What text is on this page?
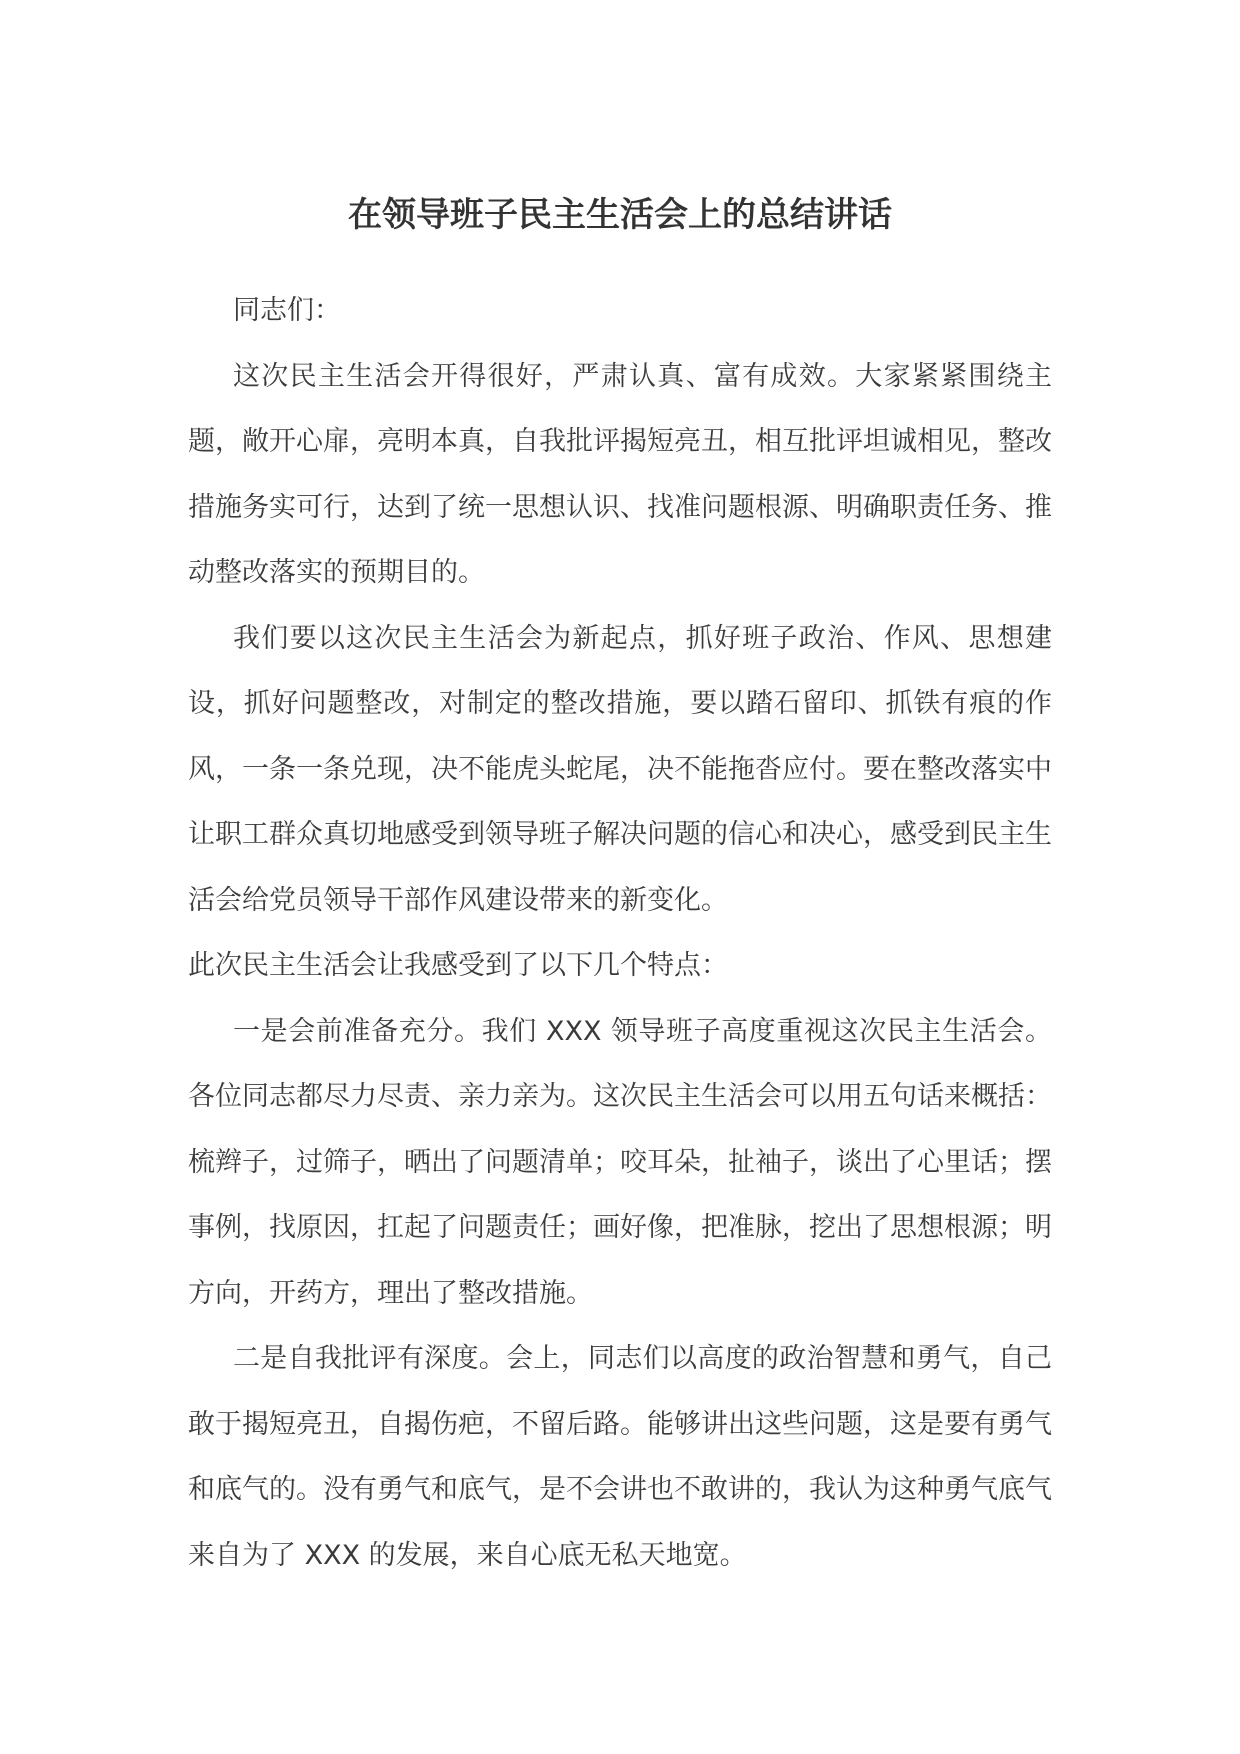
在领导班子民主生活会上的总结讲话

同志们：

这次民主生活会开得很好，严肃认真、富有成效。大家紧紧围绕主题，敞开心扉，亮明本真，自我批评揭短亮丑，相互批评坦诚相见，整改措施务实可行，达到了统一思想认识、找准问题根源、明确职责任务、推动整改落实的预期目的。

我们要以这次民主生活会为新起点，抓好班子政治、作风、思想建设，抓好问题整改，对制定的整改措施，要以踏石留印、抓铁有痕的作风，一条一条兑现，决不能虎头蛇尾，决不能拖沓应付。要在整改落实中让职工群众真切地感受到领导班子解决问题的信心和决心，感受到民主生活会给党员领导干部作风建设带来的新变化。

此次民主生活会让我感受到了以下几个特点：

一是会前准备充分。我们 XXX 领导班子高度重视这次民主生活会。各位同志都尽力尽责、亲力亲为。这次民主生活会可以用五句话来概括：梳辫子，过筛子，晒出了问题清单；咬耳朵，扯袖子，谈出了心里话；摆事例，找原因，扛起了问题责任；画好像，把准脉，挖出了思想根源；明方向，开药方，理出了整改措施。

二是自我批评有深度。会上，同志们以高度的政治智慧和勇气，自己敢于揭短亮丑，自揭伤疤，不留后路。能够讲出这些问题，这是要有勇气和底气的。没有勇气和底气，是不会讲也不敢讲的，我认为这种勇气底气来自为了 XXX 的发展，来自心底无私天地宽。
